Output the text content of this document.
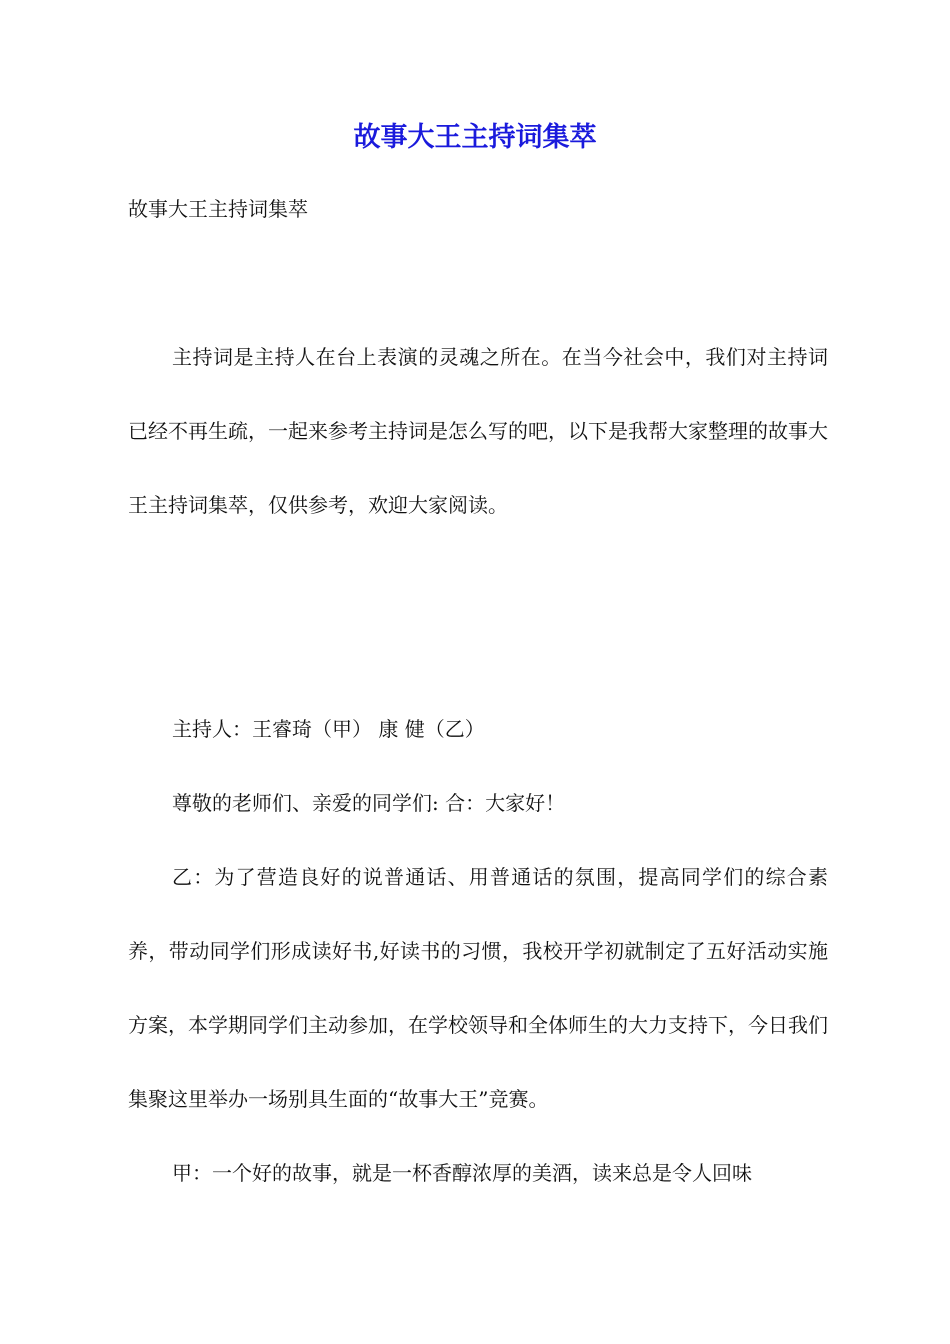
故事大王主持词集萃

故事大王主持词集萃

主持词是主持人在台上表演的灵魂之所在。在当今社会中，我们对主持词已经不再生疏，一起来参考主持词是怎么写的吧，以下是我帮大家整理的故事大王主持词集萃，仅供参考，欢迎大家阅读。

主持人：王睿琦（甲） 康 健（乙）

尊敬的老师们、亲爱的同学们: 合：大家好！

乙：为了营造良好的说普通话、用普通话的氛围，提高同学们的综合素养，带动同学们形成读好书,好读书的习惯，我校开学初就制定了五好活动实施方案，本学期同学们主动参加，在学校领导和全体师生的大力支持下，今日我们集聚这里举办一场别具生面的“故事大王”竞赛。

甲：一个好的故事，就是一杯香醇浓厚的美酒，读来总是令人回味
